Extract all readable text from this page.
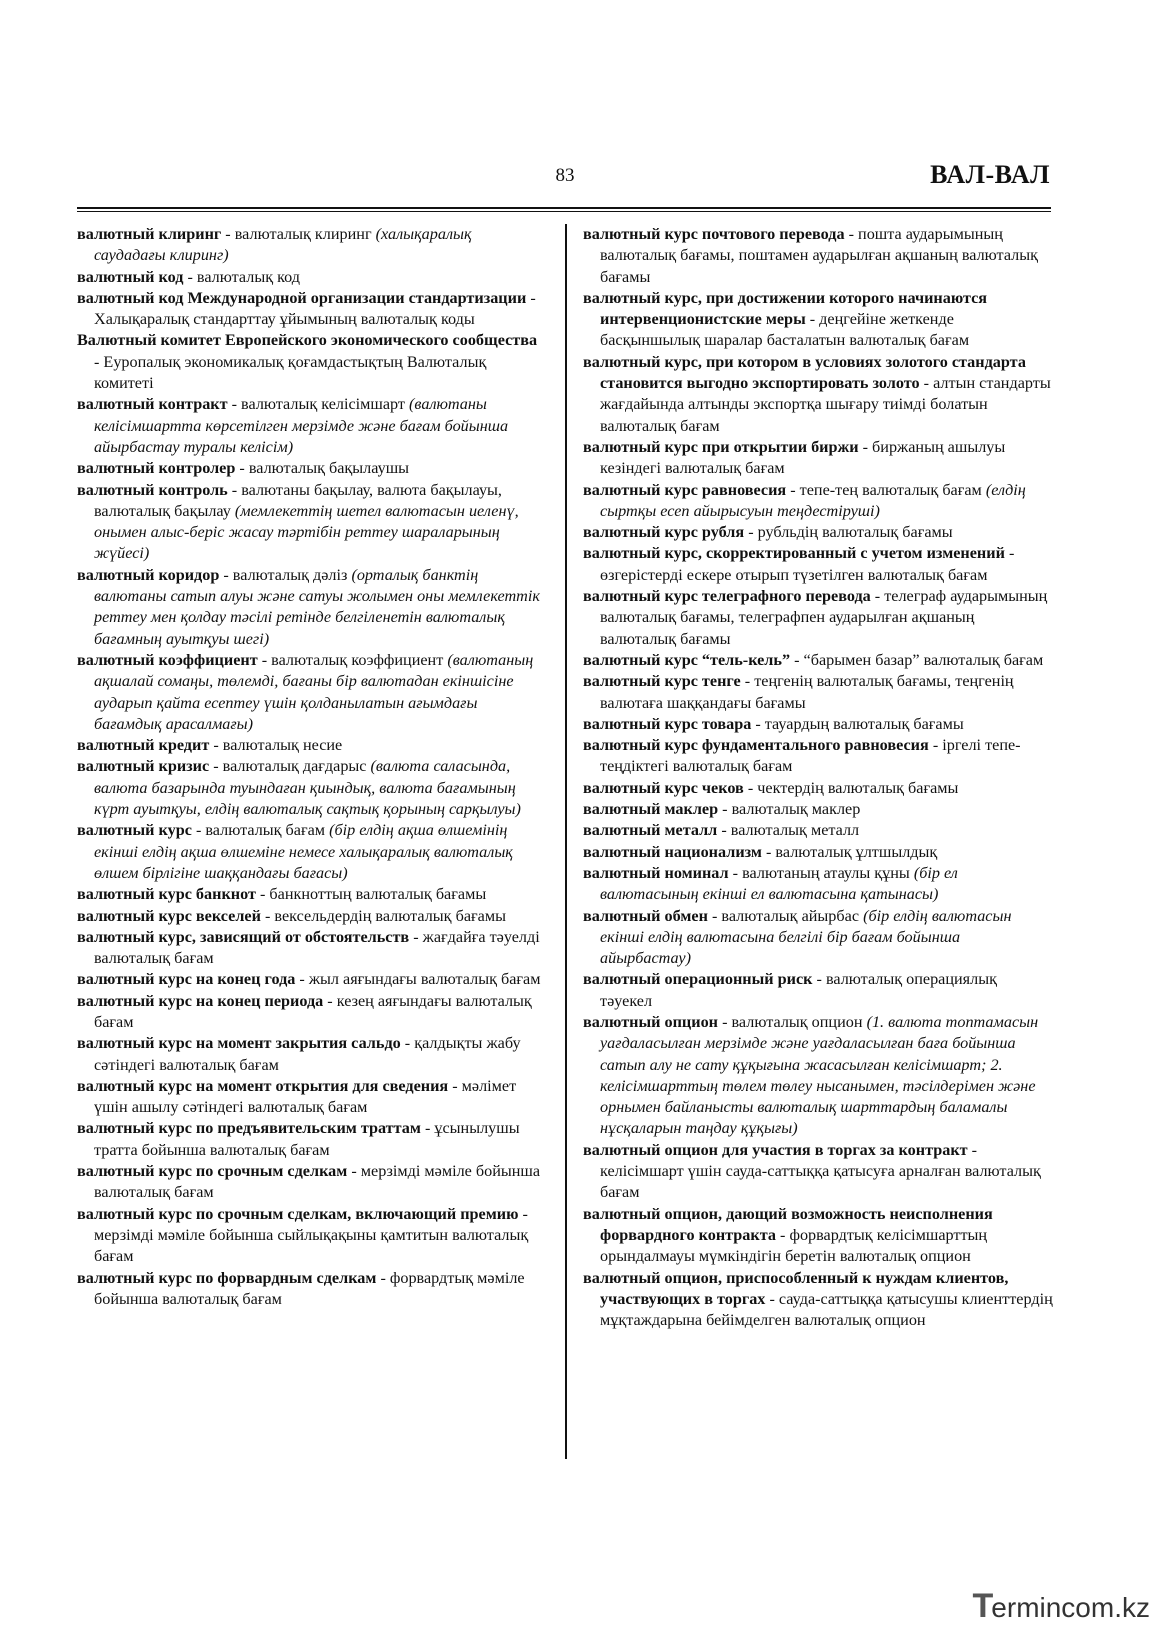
83	ВАЛ-ВАЛ

валютный клиринг - валюталық клиринг (халықаралық саудадағы клиринг)

валютный код - валюталық код

валютный код Международной организации стандартизации - Халықаралық стандарттау ұйымының валюталық коды

Валютный комитет Европейского экономического сообщества - Еуропалық экономикалық қоғамдастықтың Валюталық комитеті

валютный контракт - валюталық келісімшарт (валютаны келісімшартта көрсетілген мерзімде және бағам бойынша айырбастау туралы келісім)

валютный контролер - валюталық бақылаушы

валютный контроль - валютаны бақылау, валюта бақылауы, валюталық бақылау (мемлекеттің шетел валютасын иеленү, онымен алыс-беріс жасау тәртібін реттеу шараларының жүйесі)

валютный коридор - валюталық дәліз (орталық банктің валютаны сатып алуы және сатуы жолымен оны мемлекеттік реттеу мен қолдау тәсілі ретінде белгіленетін валюталық бағамның ауытқуы шегі)

валютный коэффициент - валюталық коэффициент (валютаның ақшалай сомаңы, төлемді, бағаны бір валютадан екіншісіне аударып қайта есептеу үшін қолданылатын ағымдағы бағамдық арасалмағы)

валютный кредит - валюталық несие

валютный кризис - валюталық дағдарыс (валюта саласында, валюта базарында туындаған қиындық, валюта бағамының күрт ауытқуы, елдің валюталық сақтық қорының сарқылуы)

валютный курс - валюталық бағам (бір елдің ақша өлшемінің екінші елдің ақша өлшеміне немесе халықаралық валюталық өлшем бірлігіне шаққандағы бағасы)

валютный курс банкнот - банкноттың валюталық бағамы

валютный курс векселей - вексельдердің валюталық бағамы

валютный курс, зависящий от обстоятельств - жағдайға тәуелді валюталық бағам

валютный курс на конец года - жыл аяғындағы валюталық бағам

валютный курс на конец периода - кезең аяғындағы валюталық бағам

валютный курс на момент закрытия сальдо - қалдықты жабу сәтіндегі валюталық бағам

валютный курс на момент открытия для сведения - мәлімет үшін ашылу сәтіндегі валюталық бағам

валютный курс по предъявительским траттам - ұсынылушы тратта бойынша валюталық бағам

валютный курс по срочным сделкам - мерзімді мәміле бойынша валюталық бағам

валютный курс по срочным сделкам, включающий премию - мерзімді мәміле бойынша сыйлықақыны қамтитын валюталық бағам

валютный курс по форвардным сделкам - форвардтық мәміле бойынша валюталық бағам

валютный курс почтового перевода - пошта аударымының валюталық бағамы, поштамен аударылған ақшаның валюталық бағамы

валютный курс, при достижении которого начинаются интервенционистские меры - деңгейіне жеткенде басқыншылық шаралар басталатын валюталық бағам

валютный курс, при котором в условиях золотого стандарта становится выгодно экспортировать золото - алтын стандарты жағдайында алтынды экспортқа шығару тиімді болатын валюталық бағам

валютный курс при открытии биржи - биржаның ашылуы кезіндегі валюталық бағам

валютный курс равновесия - тепе-тең валюталық бағам (елдің сыртқы есеп айырысуын теңдестіруші)

валютный курс рубля - рубльдің валюталық бағамы

валютный курс, скорректированный с учетом изменений - өзгерістерді ескере отырып түзетілген валюталық бағам

валютный курс телеграфного перевода - телеграф аударымының валюталық бағамы, телеграфпен аударылған ақшаның валюталық бағамы

валютный курс “тель-кель” - “барымен базар” валюталық бағам

валютный курс тенге - теңгенің валюталық бағамы, теңгенің валютаға шаққандағы бағамы

валютный курс товара - тауардың валюталық бағамы

валютный курс фундаментального равновесия - іргелі тепе-теңдіктегі валюталық бағам

валютный курс чеков - чектердің валюталық бағамы

валютный маклер - валюталық маклер

валютный металл - валюталық металл

валютный национализм - валюталық ұлтшылдық

валютный номинал - валютаның атаулы құны (бір ел валютасының екінші ел валютасына қатынасы)

валютный обмен - валюталық айырбас (бір елдің валютасын екінші елдің валютасына белгілі бір бағам бойынша айырбастау)

валютный операционный риск - валюталық операциялық тәуекел

валютный опцион - валюталық опцион (1. валюта топтамасын уағдаласылған мерзімде және уағдаласылған баға бойынша сатып алу не сату құқығына жасасылған келісімшарт; 2. келісімшарттың төлем төлеу нысанымен, тәсілдерімен және орнымен байланысты валюталық шарттардың баламалы нұсқаларын таңдау құқығы)

валютный опцион для участия в торгах за контракт - келісімшарт үшін сауда-саттыққа қатысуға арналған валюталық бағам

валютный опцион, дающий возможность неисполнения форвардного контракта - форвардтық келісімшарттың орындалмауы мүмкіндігін беретін валюталық опцион

валютный опцион, приспособленный к нуждам клиентов, участвующих в торгах - сауда-саттыққа қатысушы клиенттердің мұқтаждарына бейімделген валюталық опцион

T
ermincom.kz
